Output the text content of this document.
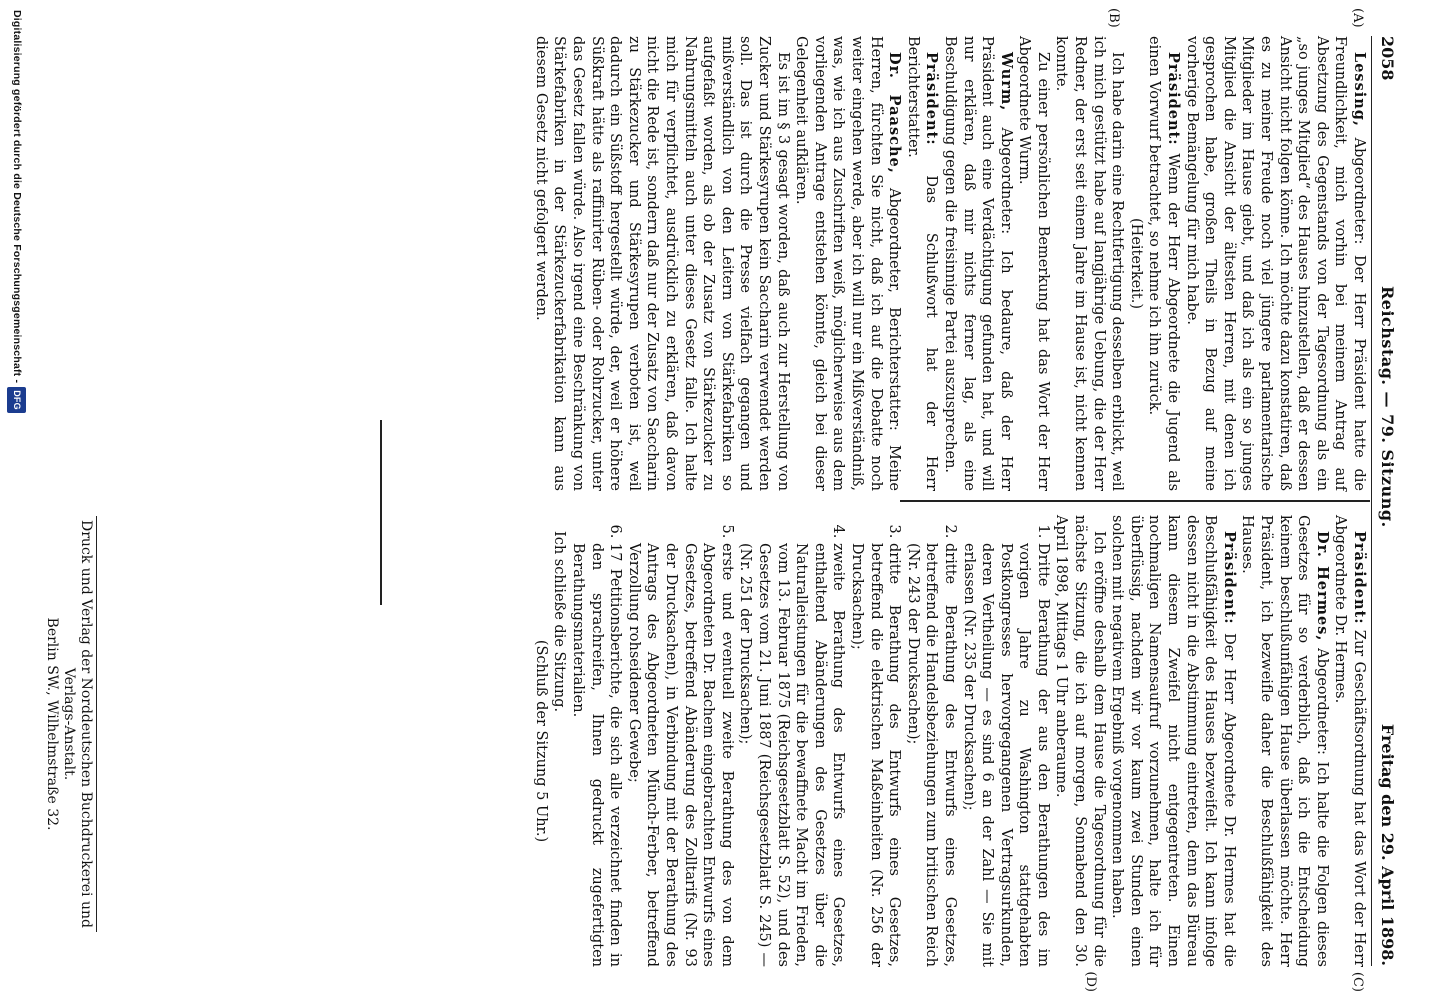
2058
Reichstag. — 79. Sitzung.
Freitag den 29. April 1898.
(A)
(B)
(C)
(D)

Lessing, Abgeordneter: Der Herr Präsident hatte die Freundlichkeit, mich vorhin bei meinem Antrag auf Absetzung des Gegenstands von der Tagesordnung als ein „so junges Mitglied“ des Hauses hinzustellen, daß er dessen Ansicht nicht folgen könne. Ich möchte dazu konstatiren, daß es zu meiner Freude noch viel jüngere parlamentarische Mitglieder im Hause giebt, und daß ich als ein so junges Mitglied die Ansicht der ältesten Herren, mit denen ich gesprochen habe, großen Theils in Bezug auf meine vorherige Bemängelung für mich habe.

Präsident: Wenn der Herr Abgeordnete die Jugend als einen Vorwurf betrachtet, so nehme ich ihn zurück.

(Heiterkeit.)

Ich habe darin eine Rechtfertigung desselben erblickt, weil ich mich gestützt habe auf langjährige Uebung, die der Herr Redner, der erst seit einem Jahre im Hause ist, nicht kennen konnte.

Zu einer persönlichen Bemerkung hat das Wort der Herr Abgeordnete Wurm.

Wurm, Abgeordneter: Ich bedaure, daß der Herr Präsident auch eine Verdächtigung gefunden hat, und will nur erklären, daß mir nichts ferner lag, als eine Beschuldigung gegen die freisinnige Partei auszusprechen.

Präsident: Das Schlußwort hat der Herr Berichterstatter.

Dr. Paasche, Abgeordneter, Berichterstatter: Meine Herren, fürchten Sie nicht, daß ich auf die Debatte noch weiter eingehen werde, aber ich will nur ein Mißverständniß, was, wie ich aus Zuschriften weiß, möglicherweise aus dem vorliegenden Antrage entstehen könnte, gleich bei dieser Gelegenheit aufklären.

Es ist im § 3 gesagt worden, daß auch zur Herstellung von Zucker und Stärkesyrupen kein Saccharin verwendet werden soll. Das ist durch die Presse vielfach gegangen und mißverständlich von den Leitern von Stärkefabriken so aufgefaßt worden, als ob der Zusatz von Stärkezucker zu Nahrungsmitteln auch unter dieses Gesetz falle. Ich halte mich für verpflichtet, ausdrücklich zu erklären, daß davon nicht die Rede ist, sondern daß nur der Zusatz von Saccharin zu Stärkezucker und Stärkesyrupen verboten ist, weil dadurch ein Süßstoff hergestellt würde, der, weil er höhere Süßkraft hätte als raffinirter Rüben- oder Rohrzucker, unter das Gesetz fallen würde. Also irgend eine Beschränkung von Stärkefabriken in der Stärkezuckerfabrikation kann aus diesem Gesetz nicht gefolgert werden.

Präsident: Zur Geschäftsordnung hat das Wort der Herr Abgeordnete Dr. Hermes.

Dr. Hermes, Abgeordneter: Ich halte die Folgen dieses Gesetzes für so verderblich, daß ich die Entscheidung keinem beschlußunfähigen Hause überlassen möchte. Herr Präsident, ich bezweifle daher die Beschlußfähigkeit des Hauses.

Präsident: Der Herr Abgeordnete Dr. Hermes hat die Beschlußfähigkeit des Hauses bezweifelt. Ich kann infolge dessen nicht in die Abstimmung eintreten, denn das Büreau kann diesem Zweifel nicht entgegentreten. Einen nochmaligen Namensaufruf vorzunehmen, halte ich für überflüssig, nachdem wir vor kaum zwei Stunden einen solchen mit negativem Ergebniß vorgenommen haben.

Ich eröffne deshalb dem Hause die Tagesordnung für die nächste Sitzung, die ich auf morgen, Sonnabend den 30. April 1898, Mittags 1 Uhr anberaume.

1. Dritte Berathung der aus den Berathungen des im vorigen Jahre zu Washington stattgehabten Postkongresses hervorgegangenen Vertragsurkunden, deren Vertheilung — es sind 6 an der Zahl — Sie mit erlassen (Nr. 235 der Drucksachen);
2. dritte Berathung des Entwurfs eines Gesetzes, betreffend die Handelsbeziehungen zum britischen Reich (Nr. 243 der Drucksachen);
3. dritte Berathung des Entwurfs eines Gesetzes, betreffend die elektrischen Maßeinheiten (Nr. 256 der Drucksachen);
4. zweite Berathung des Entwurfs eines Gesetzes, enthaltend Abänderungen des Gesetzes über die Naturalleistungen für die bewaffnete Macht im Frieden, vom 13. Februar 1875 (Reichsgesetzblatt S. 52), und des Gesetzes vom 21. Juni 1887 (Reichsgesetzblatt S. 245) — (Nr. 251 der Drucksachen);
5. erste und eventuell zweite Berathung des von dem Abgeordneten Dr. Bachem eingebrachten Entwurfs eines Gesetzes, betreffend Abänderung des Zolltarifs (Nr. 93 der Drucksachen), in Verbindung mit der Berathung des Antrags des Abgeordneten Münch-Ferber, betreffend Verzollung rohseidener Gewebe;
6. 17 Petitionsberichte, die sich alle verzeichnet finden in den sprachreifen, Ihnen gedruckt zugefertigten Berathungsmaterialien.

Ich schließe die Sitzung.

(Schluß der Sitzung 5 Uhr.)

Druck und Verlag der Norddeutschen Buchdruckerei und Verlags-Anstalt.
Berlin SW., Wilhelmstraße 32.
Digitalisierung gefördert durch die Deutsche Forschungsgemeinschaft -DFG
